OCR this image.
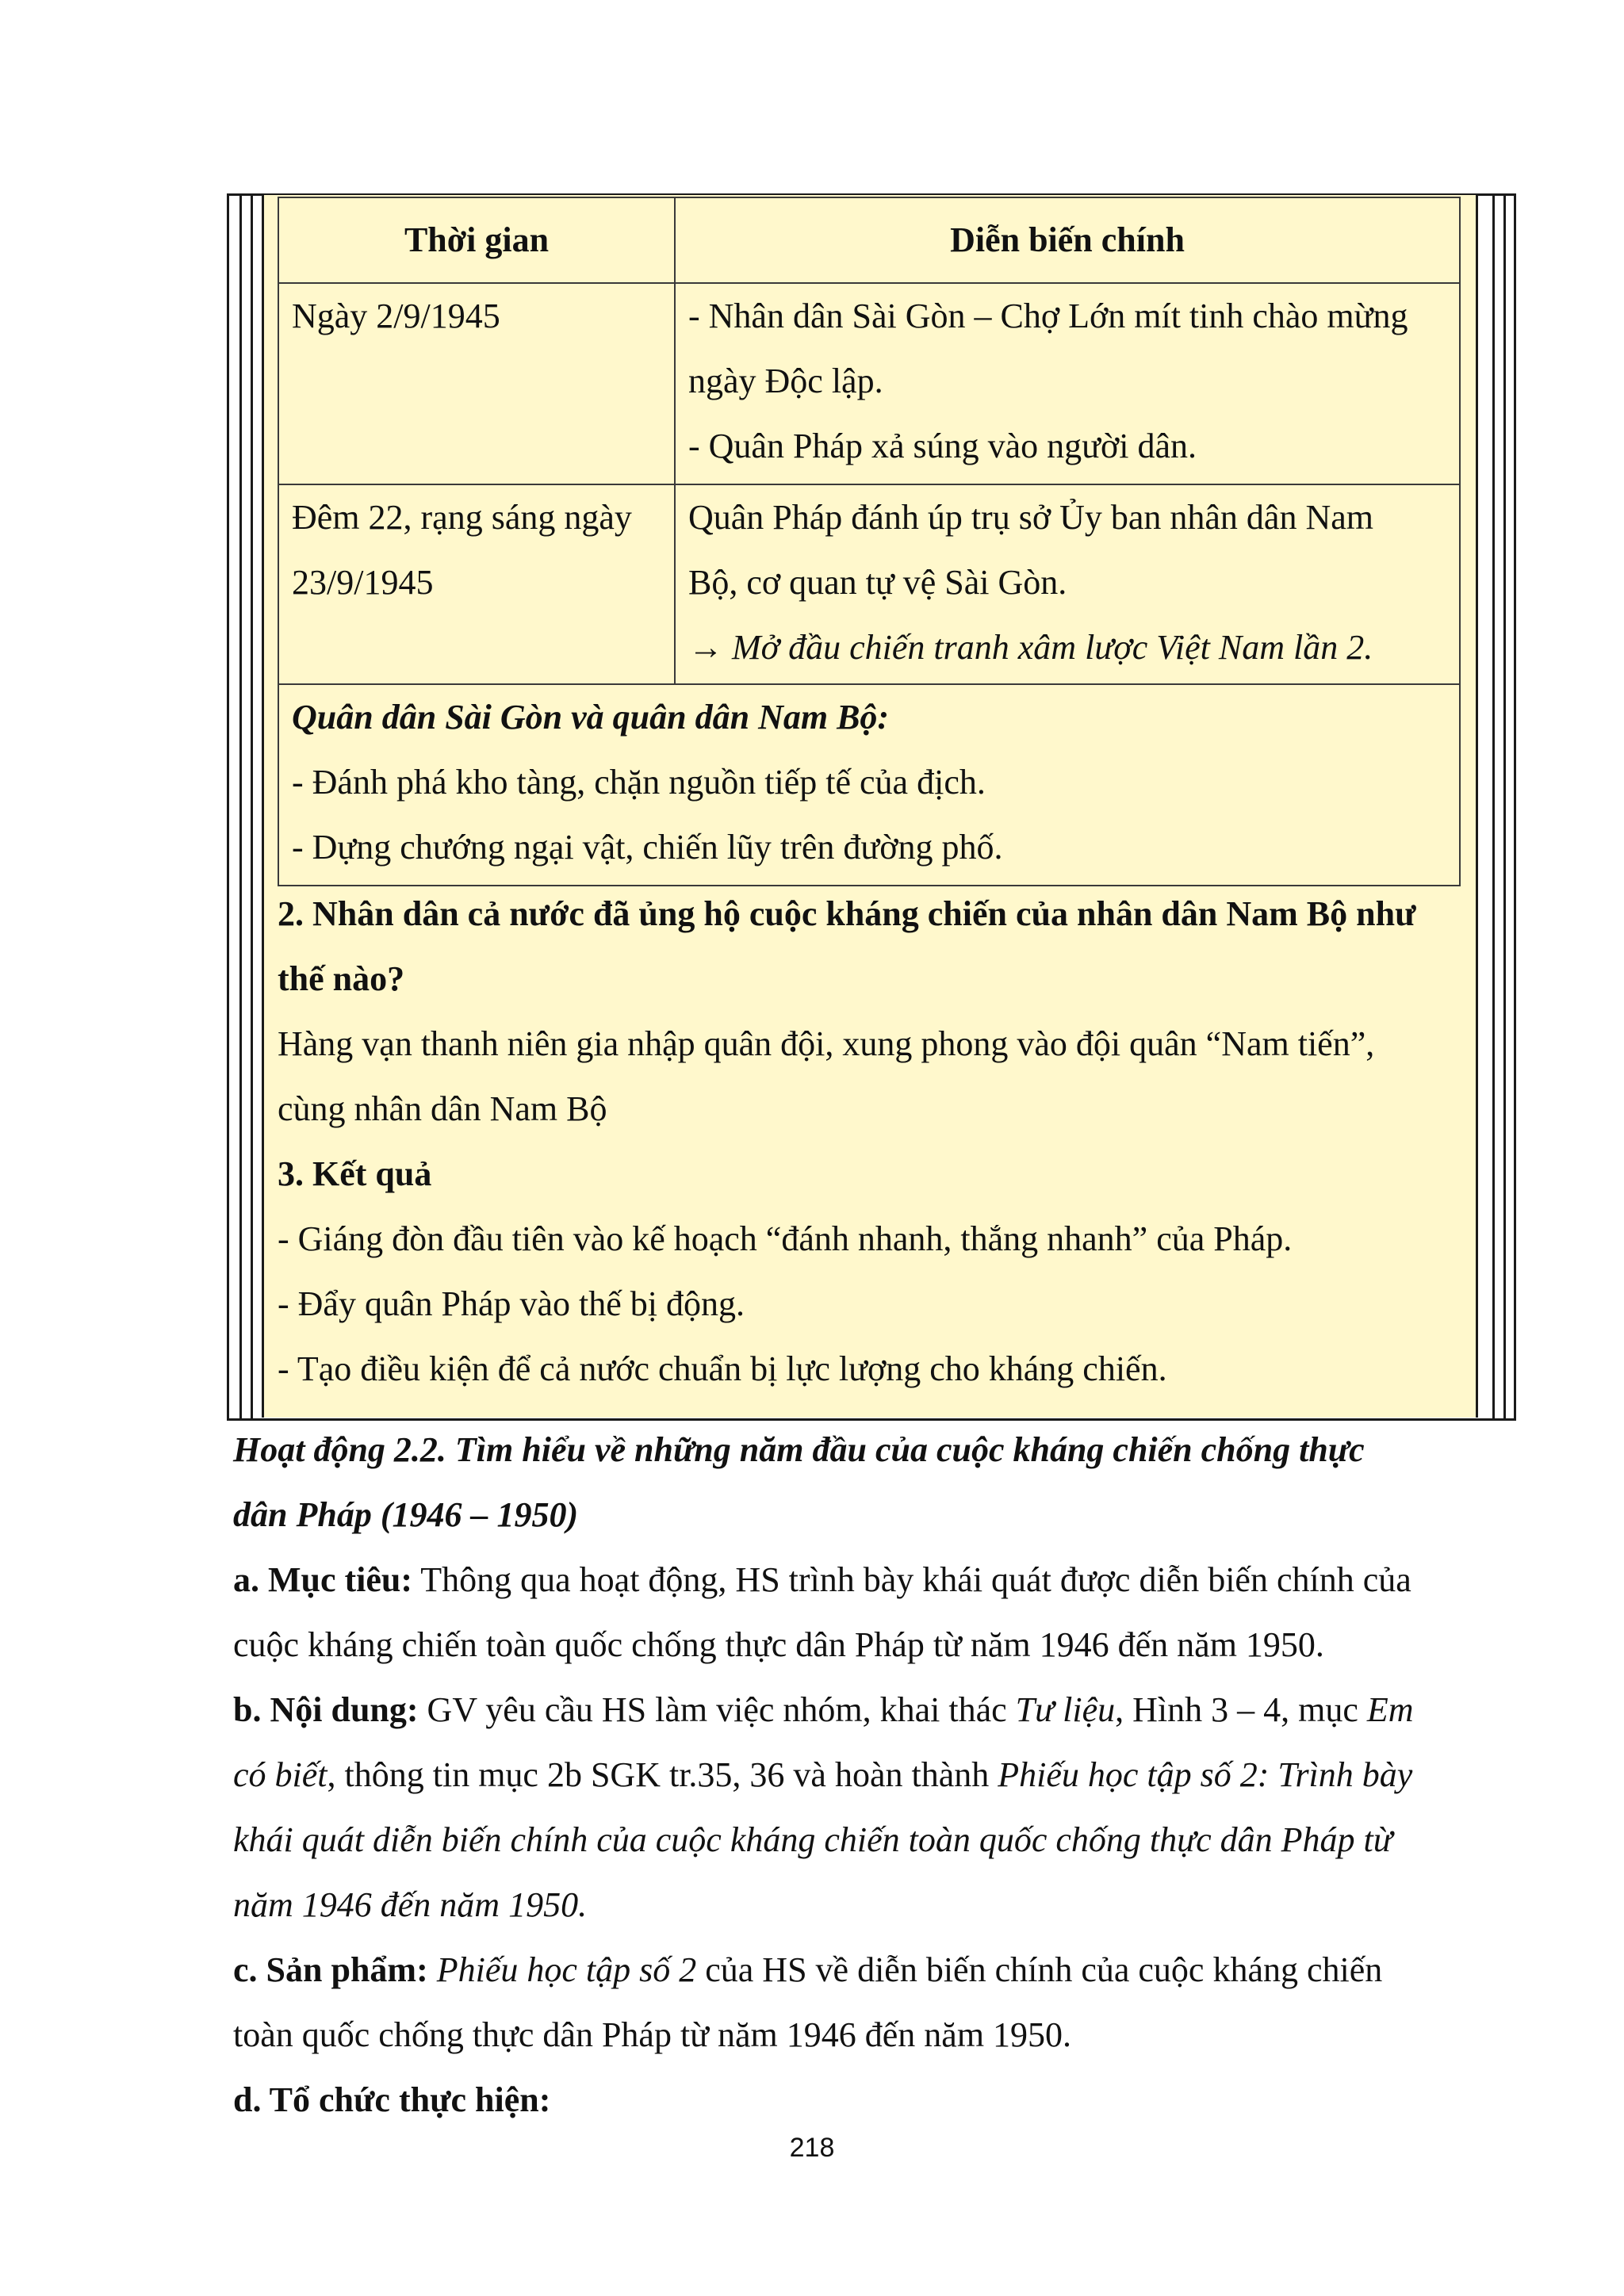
Thời gian	Diễn biến chính

Ngày 2/9/1945	- Nhân dân Sài Gòn – Chợ Lớn mít tinh chào mừng
ngày Độc lập.
- Quân Pháp xả súng vào người dân.

Đêm 22, rạng sáng ngày
23/9/1945	Quân Pháp đánh úp trụ sở Ủy ban nhân dân Nam
Bộ, cơ quan tự vệ Sài Gòn.
→ Mở đầu chiến tranh xâm lược Việt Nam lần 2.

Quân dân Sài Gòn và quân dân Nam Bộ:
- Đánh phá kho tàng, chặn nguồn tiếp tế của địch.
- Dựng chướng ngại vật, chiến lũy trên đường phố.	
2. Nhân dân cả nước đã ủng hộ cuộc kháng chiến của nhân dân Nam Bộ như
thế nào?
Hàng vạn thanh niên gia nhập quân đội, xung phong vào đội quân “Nam tiến”,
cùng nhân dân Nam Bộ
3. Kết quả
- Giáng đòn đầu tiên vào kế hoạch “đánh nhanh, thắng nhanh” của Pháp.
- Đẩy quân Pháp vào thế bị động.
- Tạo điều kiện để cả nước chuẩn bị lực lượng cho kháng chiến.
Hoạt động 2.2. Tìm hiểu về những năm đầu của cuộc kháng chiến chống thực
dân Pháp (1946 – 1950)
a. Mục tiêu: Thông qua hoạt động, HS trình bày khái quát được diễn biến chính của
cuộc kháng chiến toàn quốc chống thực dân Pháp từ năm 1946 đến năm 1950.
b. Nội dung: GV yêu cầu HS làm việc nhóm, khai thác Tư liệu, Hình 3 – 4, mục Em
có biết, thông tin mục 2b SGK tr.35, 36 và hoàn thành Phiếu học tập số 2: Trình bày
khái quát diễn biến chính của cuộc kháng chiến toàn quốc chống thực dân Pháp từ
năm 1946 đến năm 1950.
c. Sản phẩm: Phiếu học tập số 2 của HS về diễn biến chính của cuộc kháng chiến
toàn quốc chống thực dân Pháp từ năm 1946 đến năm 1950.
d. Tổ chức thực hiện:
218
